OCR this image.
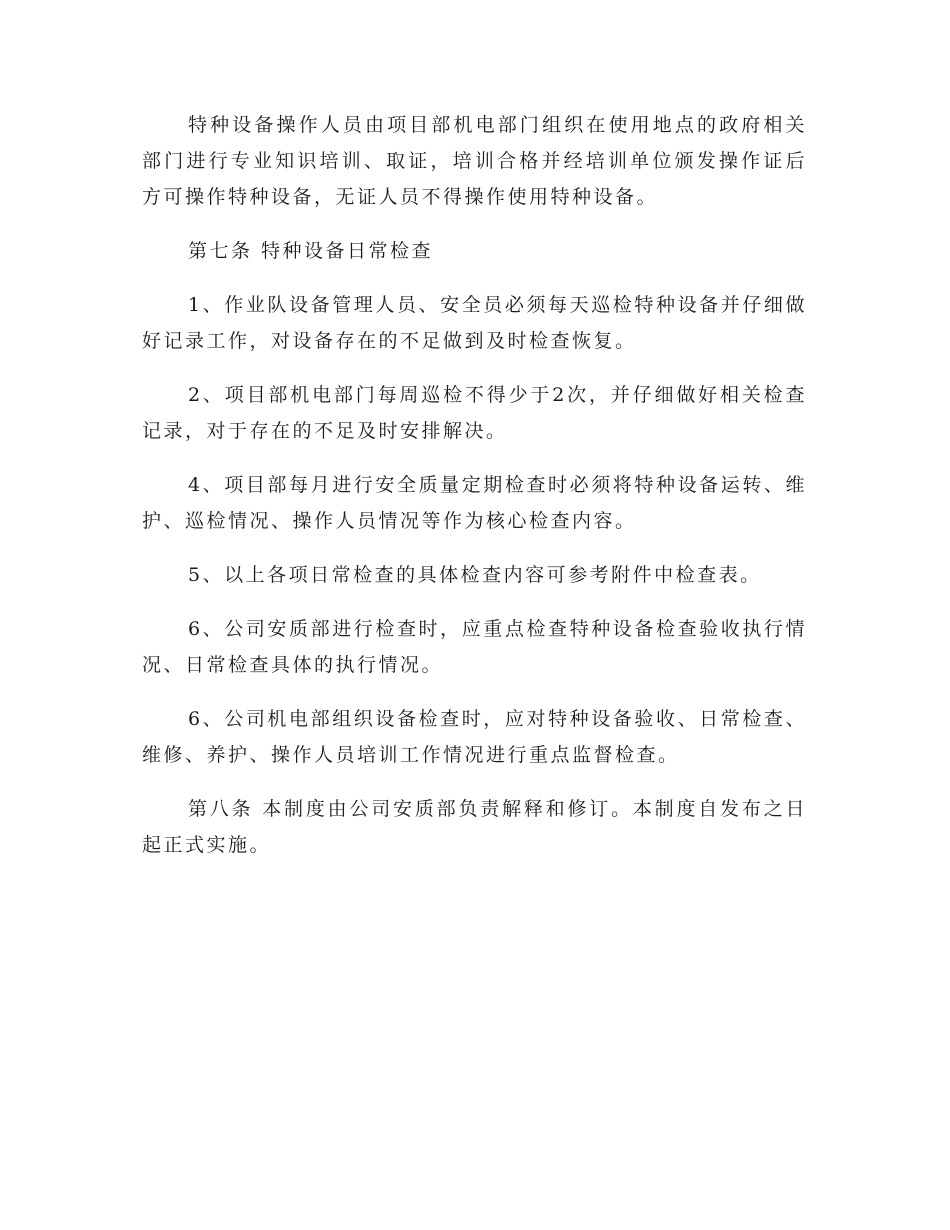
特种设备操作人员由项目部机电部门组织在使用地点的政府相关部门进行专业知识培训、取证，培训合格并经培训单位颁发操作证后方可操作特种设备，无证人员不得操作使用特种设备。

第七条 特种设备日常检查

1、作业队设备管理人员、安全员必须每天巡检特种设备并仔细做好记录工作，对设备存在的不足做到及时检查恢复。

2、项目部机电部门每周巡检不得少于2次，并仔细做好相关检查记录，对于存在的不足及时安排解决。

4、项目部每月进行安全质量定期检查时必须将特种设备运转、维护、巡检情况、操作人员情况等作为核心检查内容。

5、以上各项日常检查的具体检查内容可参考附件中检查表。

6、公司安质部进行检查时，应重点检查特种设备检查验收执行情况、日常检查具体的执行情况。

6、公司机电部组织设备检查时，应对特种设备验收、日常检查、维修、养护、操作人员培训工作情况进行重点监督检查。

第八条 本制度由公司安质部负责解释和修订。本制度自发布之日起正式实施。
